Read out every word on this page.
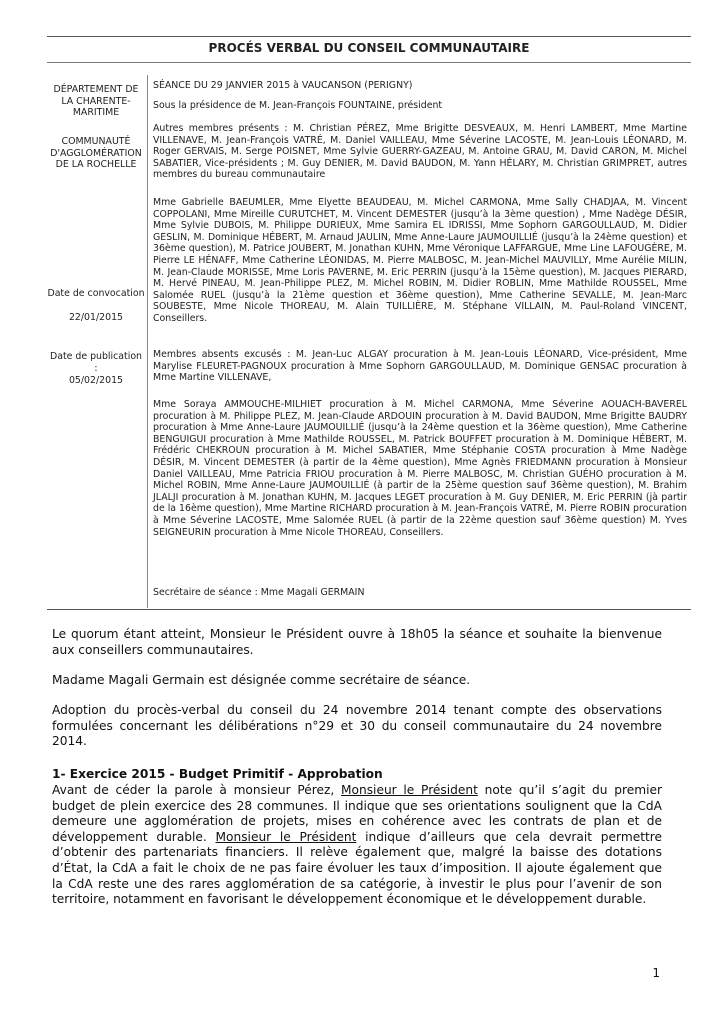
PROCÉS VERBAL DU CONSEIL COMMUNAUTAIRE
DÉPARTEMENT DE LA CHARENTE-MARITIME
COMMUNAUTÉ D'AGGLOMÉRATION DE LA ROCHELLE
Date de convocation
22/01/2015
Date de publication :
05/02/2015
SÉANCE DU 29 JANVIER 2015 à VAUCANSON (PERIGNY)
Sous la présidence de M. Jean-François FOUNTAINE, président
Autres membres présents : M. Christian PÉREZ, Mme Brigitte DESVEAUX, M. Henri LAMBERT, Mme Martine VILLENAVE, M. Jean-François VATRÉ, M. Daniel VAILLEAU, Mme Séverine LACOSTE, M. Jean-Louis LÉONARD, M. Roger GERVAIS, M. Serge POISNET, Mme Sylvie GUERRY-GAZEAU, M. Antoine GRAU, M. David CARON, M. Michel SABATIER, Vice-présidents ; M. Guy DENIER, M. David BAUDON, M. Yann HÉLARY, M. Christian GRIMPRET, autres membres du bureau communautaire
Mme Gabrielle BAEUMLER, Mme Elyette BEAUDEAU, M. Michel CARMONA, Mme Sally CHADJAA, M. Vincent COPPOLANI, Mme Mireille CURUTCHET, M. Vincent DEMESTER (jusqu’à la 3ème question) , Mme Nadège DÉSIR, Mme Sylvie DUBOIS, M. Philippe DURIEUX, Mme Samira EL IDRISSI, Mme Sophorn GARGOULLAUD, M. Didier GESLIN, M. Dominique HÉBERT, M. Arnaud JAULIN, Mme Anne-Laure JAUMOUILLIÉ (jusqu’à la 24ème question) et 36ème question), M. Patrice JOUBERT, M. Jonathan KUHN, Mme Véronique LAFFARGUE, Mme Line LAFOUGÈRE, M. Pierre LE HÉNAFF, Mme Catherine LÉONIDAS, M. Pierre MALBOSC, M. Jean-Michel MAUVILLY, Mme Aurélie MILIN, M. Jean-Claude MORISSE, Mme Loris PAVERNE, M. Eric PERRIN (jusqu’à la 15ème question), M. Jacques PIERARD, M. Hervé PINEAU, M. Jean-Philippe PLEZ, M. Michel ROBIN, M. Didier ROBLIN, Mme Mathilde ROUSSEL, Mme Salomée RUEL (jusqu’à la 21ème question et 36ème question), Mme Catherine SEVALLE, M. Jean-Marc SOUBESTE, Mme Nicole THOREAU, M. Alain TUILLIÈRE, M. Stéphane VILLAIN, M. Paul-Roland VINCENT, Conseillers.
Membres absents excusés : M. Jean-Luc ALGAY procuration à M. Jean-Louis LÉONARD, Vice-président, Mme Marylise FLEURET-PAGNOUX procuration à Mme Sophorn GARGOULLAUD, M. Dominique GENSAC procuration à Mme Martine VILLENAVE,
Mme Soraya AMMOUCHE-MILHIET procuration à M. Michel CARMONA, Mme Séverine AOUACH-BAVEREL procuration à M. Philippe PLEZ, M. Jean-Claude ARDOUIN procuration à M. David BAUDON, Mme Brigitte BAUDRY procuration à Mme Anne-Laure JAUMOUILLIÉ (jusqu’à la 24ème question et la 36ème question), Mme Catherine BENGUIGUI procuration à Mme Mathilde ROUSSEL, M. Patrick BOUFFET procuration à M. Dominique HÉBERT, M. Frédéric CHEKROUN procuration à M. Michel SABATIER, Mme Stéphanie COSTA procuration à Mme Nadège DÉSIR, M. Vincent DEMESTER (à partir de la 4ème question), Mme Agnès FRIEDMANN procuration à Monsieur Daniel VAILLEAU, Mme Patricia FRIOU procuration à M. Pierre MALBOSC, M. Christian GUÉHO procuration à M. Michel ROBIN, Mme Anne-Laure JAUMOUILLIÉ (à partir de la 25ème question sauf 36ème question), M. Brahim JLALJI procuration à M. Jonathan KUHN, M. Jacques LEGET procuration à M. Guy DENIER, M. Eric PERRIN (jà partir de la 16ème question), Mme Martine RICHARD procuration à M. Jean-François VATRÉ, M. Pierre ROBIN procuration à Mme Séverine LACOSTE, Mme Salomée RUEL (à partir de la 22ème question sauf 36ème question) M. Yves SEIGNEURIN procuration à Mme Nicole THOREAU, Conseillers.
Secrétaire de séance : Mme Magali GERMAIN
Le quorum étant atteint, Monsieur le Président ouvre à 18h05 la séance et souhaite la bienvenue aux conseillers communautaires.
Madame Magali Germain est désignée comme secrétaire de séance.
Adoption du procès-verbal du conseil du 24 novembre 2014 tenant compte des observations formulées concernant les délibérations n°29 et 30 du conseil communautaire du 24 novembre 2014.
1- Exercice 2015 - Budget Primitif - Approbation
Avant de céder la parole à monsieur Pérez, Monsieur le Président note qu’il s’agit du premier budget de plein exercice des 28 communes. Il indique que ses orientations soulignent que la CdA demeure une agglomération de projets, mises en cohérence avec les contrats de plan et de développement durable. Monsieur le Président indique d’ailleurs que cela devrait permettre d’obtenir des partenariats financiers. Il relève également que, malgré la baisse des dotations d’État, la CdA a fait le choix de ne pas faire évoluer les taux d’imposition. Il ajoute également que la CdA reste une des rares agglomération de sa catégorie, à investir le plus pour l’avenir de son territoire, notamment en favorisant le développement économique et le développement durable.
1
